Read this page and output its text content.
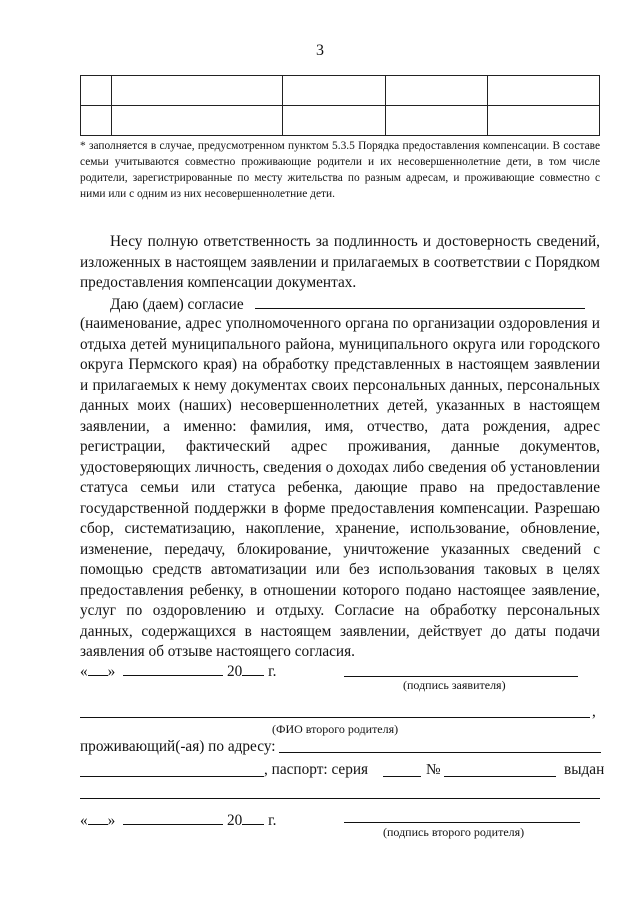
3

* заполняется в случае, предусмотренном пунктом 5.3.5 Порядка предоставления компенсации. В составе семьи учитываются совместно проживающие родители и их несовершеннолетние дети, в том числе родители, зарегистрированные по месту жительства по разным адресам, и проживающие совместно с ними или с одним из них несовершеннолетние дети.
Несу полную ответственность за подлинность и достоверность сведений, изложенных в настоящем заявлении и прилагаемых в соответствии с Порядком предоставления компенсации документах.
Даю (даем) согласие
(наименование, адрес уполномоченного органа по организации оздоровления и отдыха детей муниципального района, муниципального округа или городского округа Пермского края) на обработку представленных в настоящем заявлении и прилагаемых к нему документах своих персональных данных, персональных данных моих (наших) несовершеннолетних детей, указанных в настоящем заявлении, а именно: фамилия, имя, отчество, дата рождения, адрес регистрации, фактический адрес проживания, данные документов, удостоверяющих личность, сведения о доходах либо сведения об установлении статуса семьи или статуса ребенка, дающие право на предоставление государственной поддержки в форме предоставления компенсации. Разрешаю сбор, систематизацию, накопление, хранение, использование, обновление, изменение, передачу, блокирование, уничтожение указанных сведений с помощью средств автоматизации или без использования таковых в целях предоставления ребенку, в отношении которого подано настоящее заявление, услуг по оздоровлению и отдыху. Согласие на обработку персональных данных, содержащихся в настоящем заявлении, действует до даты подачи заявления об отзыве настоящего согласия.
« »	20 г.
(подпись заявителя)
,
(ФИО второго родителя)
проживающий(-ая) по адресу:
, паспорт: серия	№	выдан
« »	20 г.
(подпись второго родителя)
